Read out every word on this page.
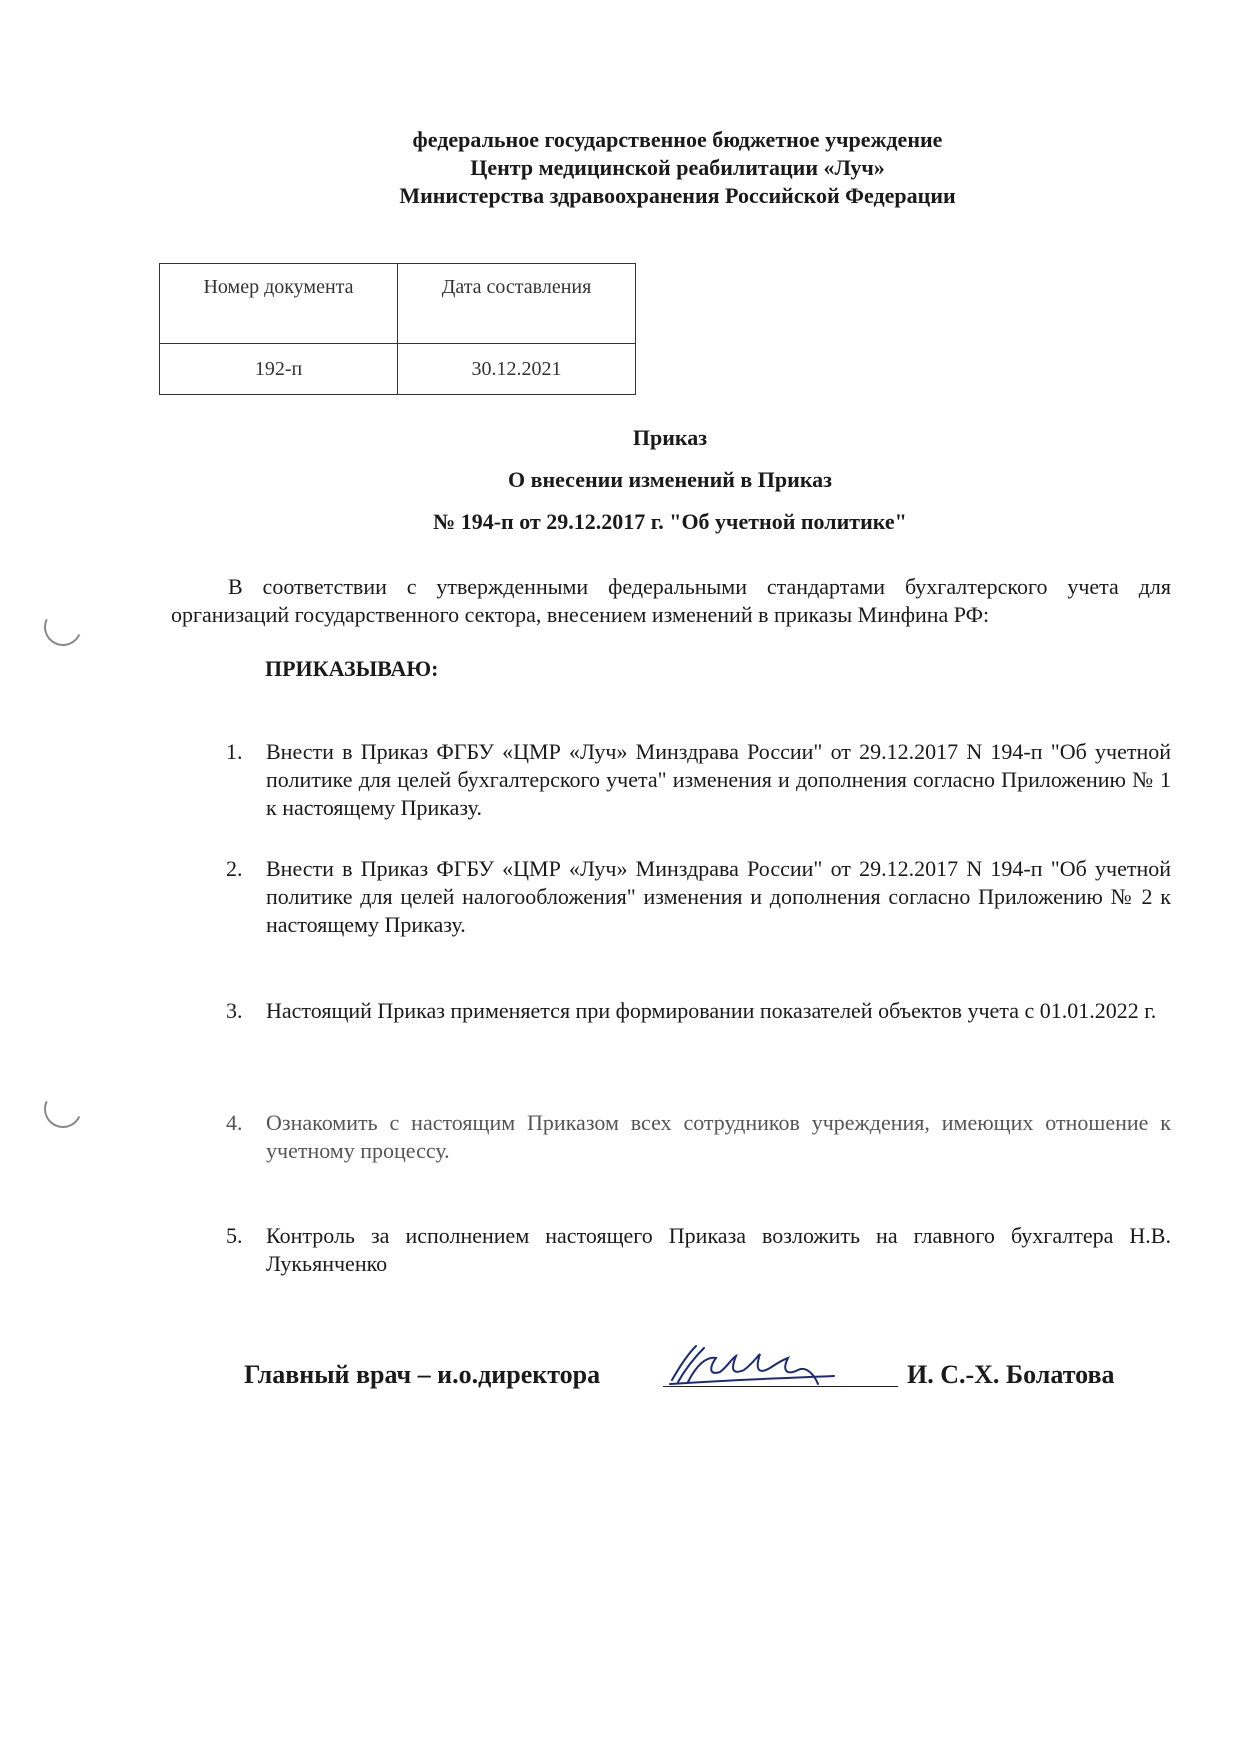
федеральное государственное бюджетное учреждение
Центр медицинской реабилитации «Луч»
Министерства здравоохранения Российской Федерации
Номер документа	Дата составления
192-п	30.12.2021
Приказ
О внесении изменений в Приказ
№ 194-п от 29.12.2017 г. "Об учетной политике"
В соответствии с утвержденными федеральными стандартами бухгалтерского учета для организаций государственного сектора, внесением изменений в приказы Минфина РФ:
ПРИКАЗЫВАЮ:
1.	Внести в Приказ ФГБУ «ЦМР «Луч» Минздрава России" от 29.12.2017 N 194-п "Об учетной политике для целей бухгалтерского учета" изменения и дополнения согласно Приложению № 1 к настоящему Приказу.
2.	Внести в Приказ ФГБУ «ЦМР «Луч» Минздрава России" от 29.12.2017 N 194-п "Об учетной политике для целей налогообложения" изменения и дополнения согласно Приложению № 2 к настоящему Приказу.
3.	Настоящий Приказ применяется при формировании показателей объектов учета с 01.01.2022 г.
4.	Ознакомить с настоящим Приказом всех сотрудников учреждения, имеющих отношение к учетному процессу.
5.	Контроль за исполнением настоящего Приказа возложить на главного бухгалтера Н.В. Лукьянченко
Главный врач – и.о.директора	И. С.-Х. Болатова
